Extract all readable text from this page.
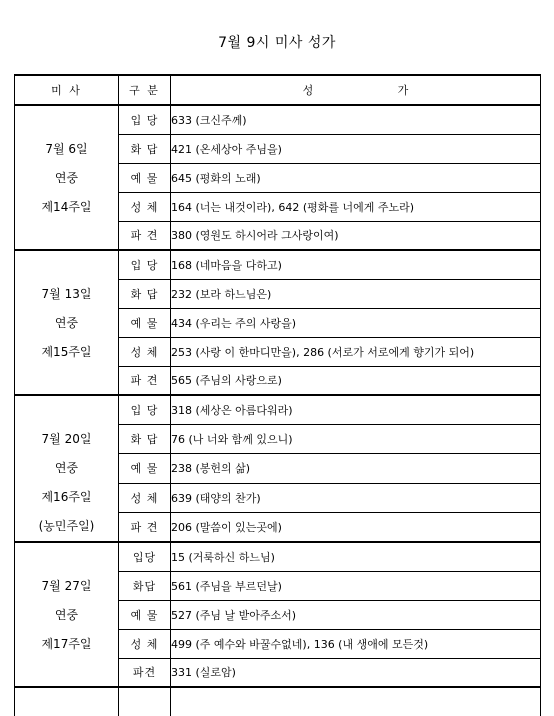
7월 9시 미사 성가
미 사	구 분	성 가

7월 6일
연중
제14주일	입 당	633 (크신주께)
	화 답	421 (온세상아 주님을)
	예 물	645 (평화의 노래)
	성 체	164 (너는 내것이라), 642 (평화를 너에게 주노라)
	파 견	380 (영원도 하시어라 그사랑이여)

7월 13일
연중
제15주일	입 당	168 (네마음을 다하고)
	화 답	232 (보라 하느님은)
	예 물	434 (우리는 주의 사랑을)
	성 체	253 (사랑 이 한마디만을), 286 (서로가 서로에게 향기가 되어)
	파 견	565 (주님의 사랑으로)

7월 20일
연중
제16주일
(농민주일)	입 당	318 (세상은 아름다워라)
	화 답	76 (나 너와 함께 있으니)
	예 물	238 (봉헌의 삶)
	성 체	639 (태양의 찬가)
	파 견	206 (말씀이 있는곳에)

7월 27일
연중
제17주일	입당	15 (거룩하신 하느님)
	화답	561 (주님을 부르던날)
	예 물	527 (주님 날 받아주소서)
	성 체	499 (주 예수와 바꿀수없네), 136 (내 생애에 모든것)
	파견	331 (실로암)
